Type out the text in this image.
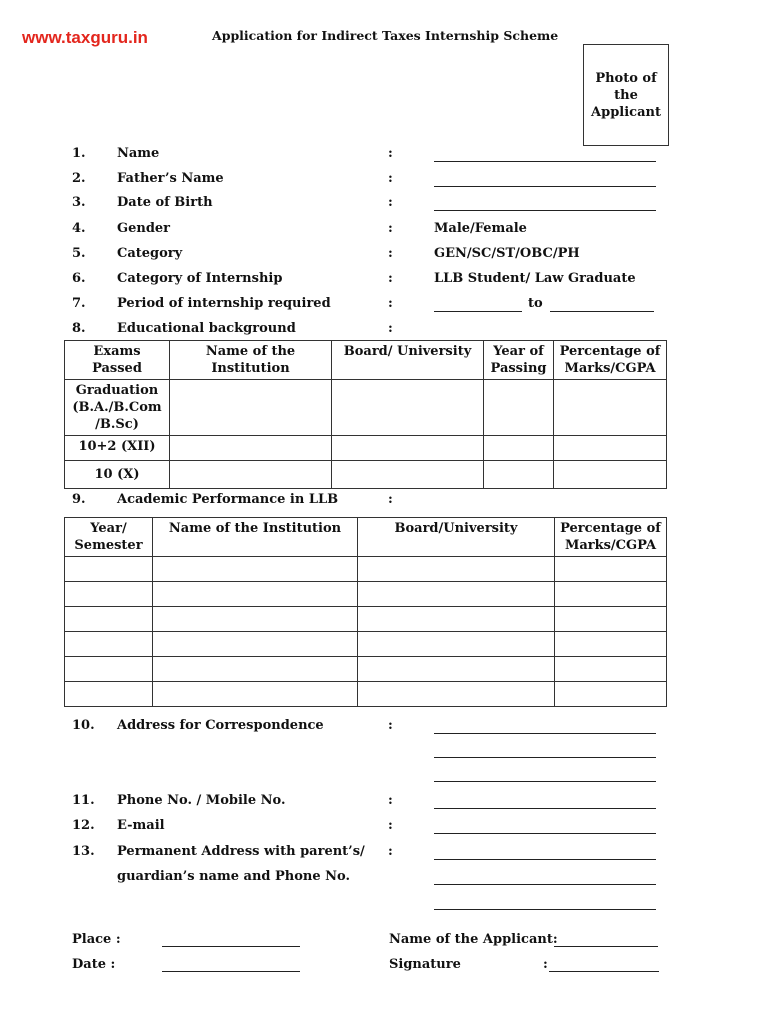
www.taxguru.in	Application for Indirect Taxes Internship Scheme
Photo of the Applicant
1. Name	:
2. Father’s Name	:
3. Date of Birth	:
4. Gender	:	Male/Female
5. Category	:	GEN/SC/ST/OBC/PH
6. Category of Internship	:	LLB Student/ Law Graduate
7. Period of internship required	:	to
8. Educational background	:
Exams Passed	Name of the Institution	Board/ University	Year of Passing	Percentage of Marks/CGPA
Graduation (B.A./B.Com /B.Sc)				
10+2 (XII)				
10 (X)				
9. Academic Performance in LLB	:
Year/ Semester	Name of the Institution	Board/University	Percentage of Marks/CGPA

10. Address for Correspondence	:
11. Phone No. / Mobile No.	:
12. E-mail	:
13. Permanent Address with parent’s/
guardian’s name and Phone No.
:
Place :
Date :
Name of the Applicant:
Signature	:
